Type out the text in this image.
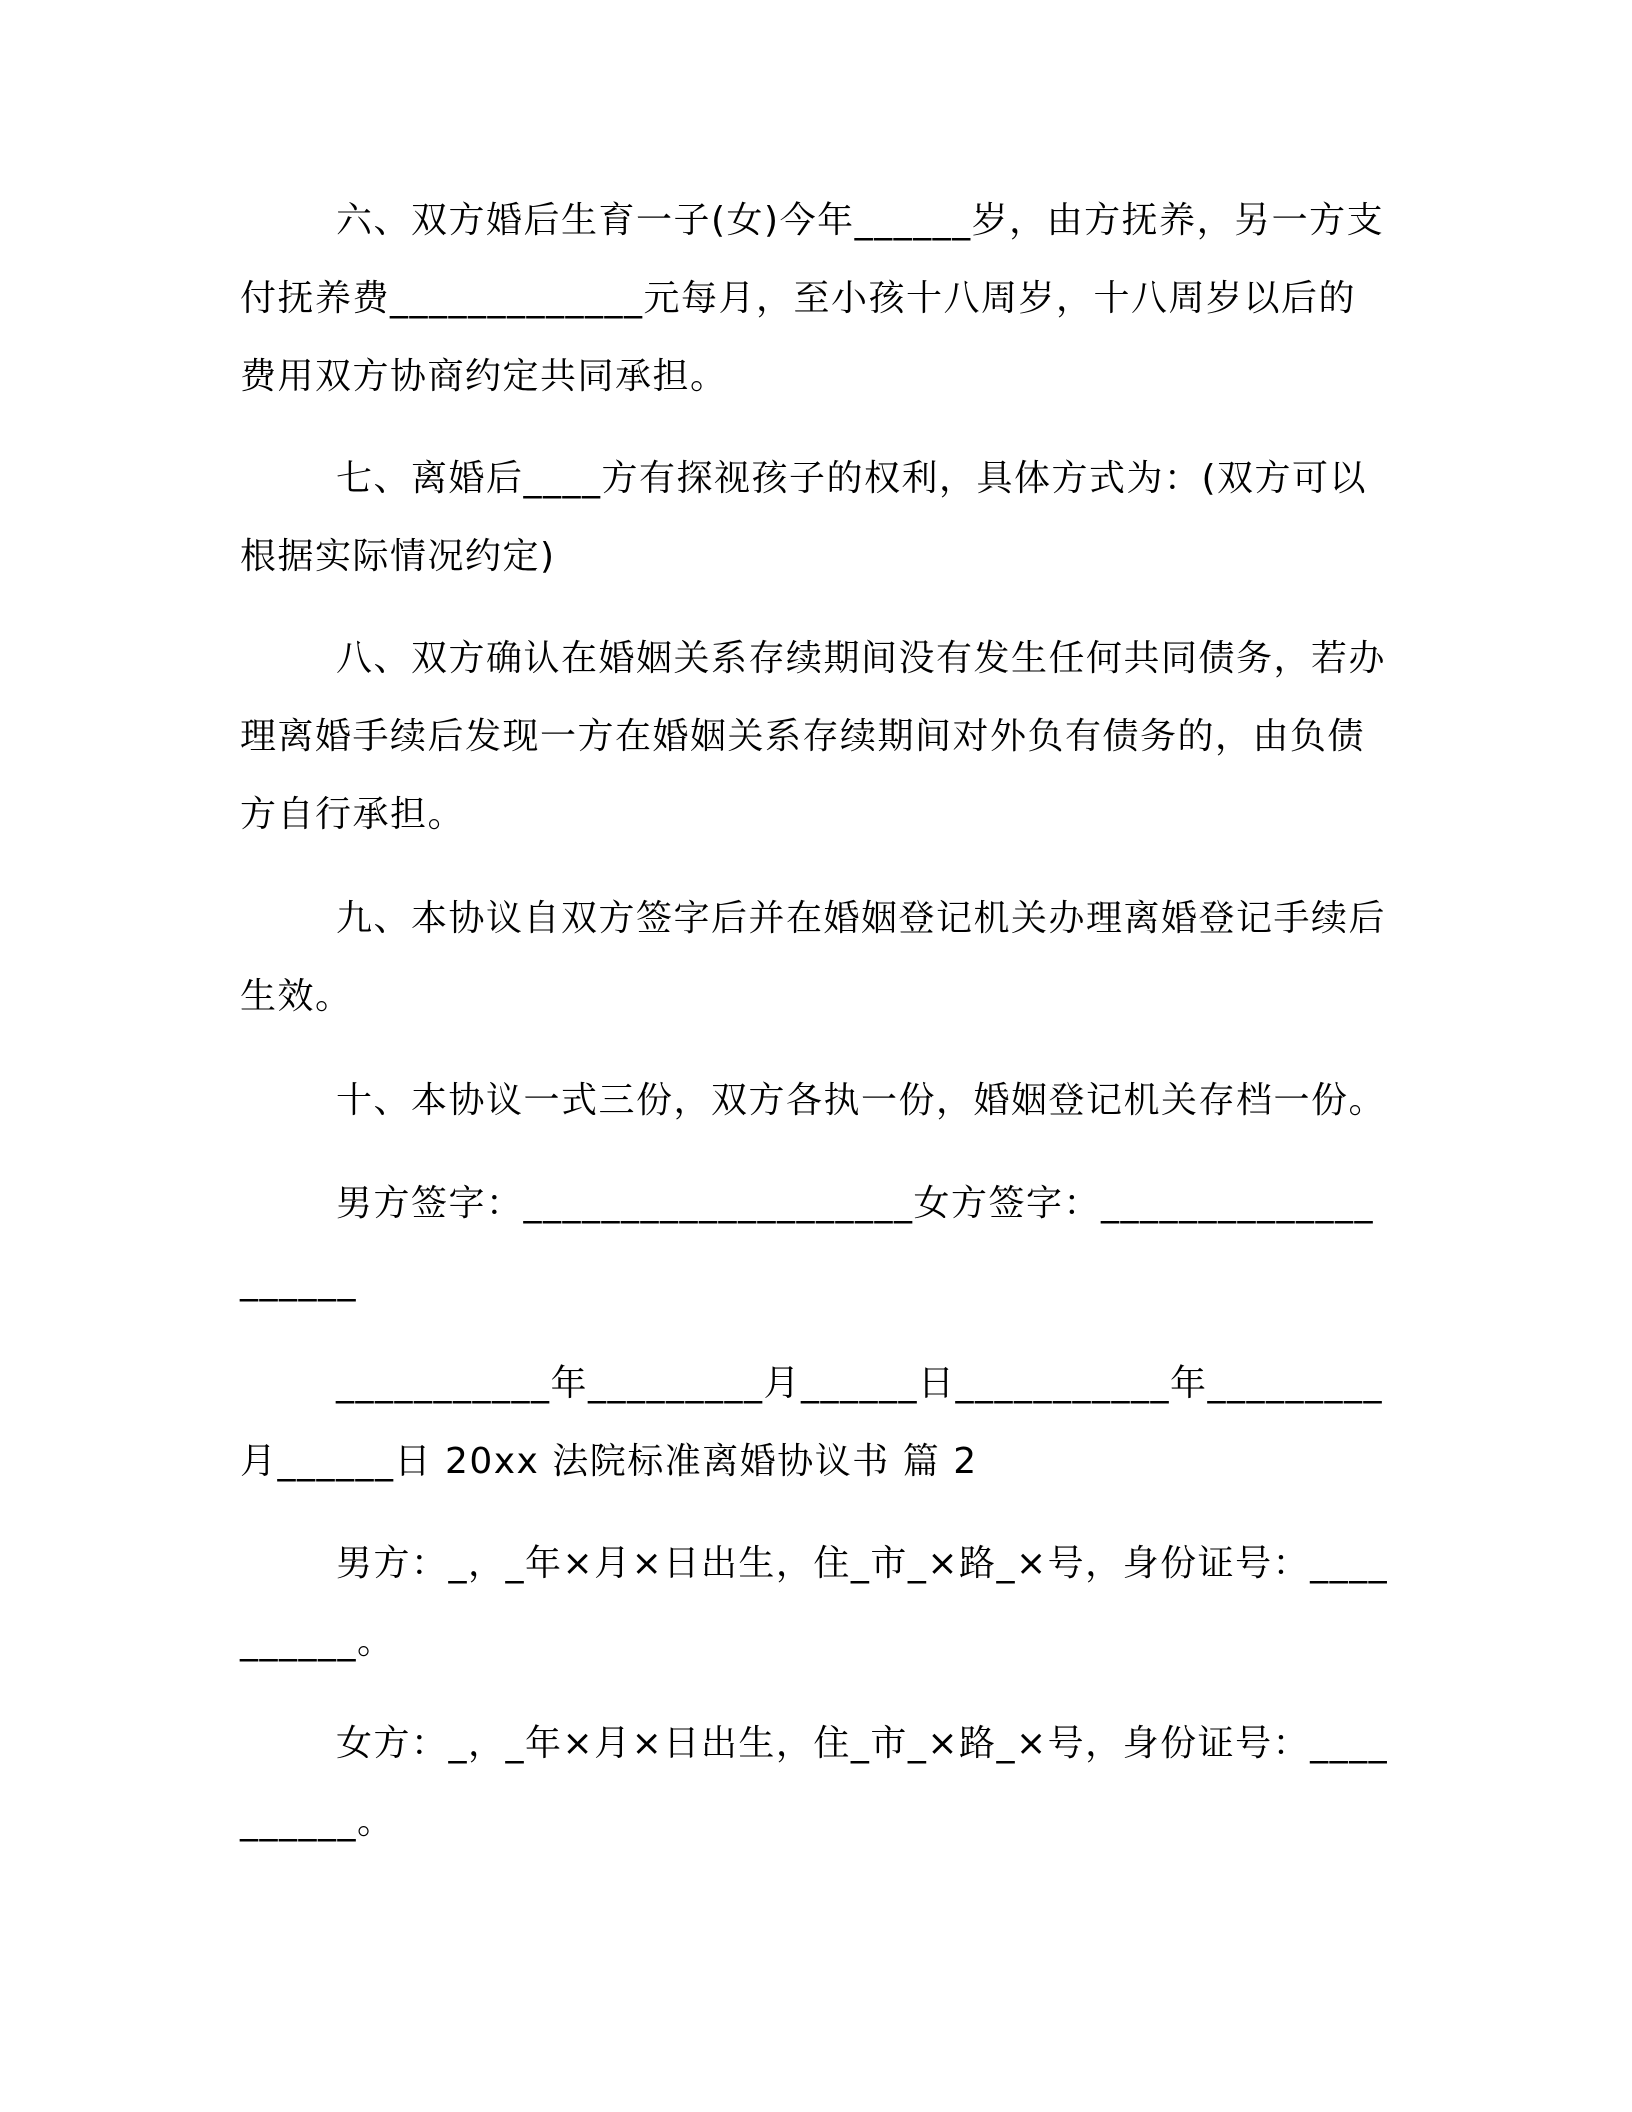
六、双方婚后生育一子(女)今年______岁，由方抚养，另一方支付抚养费_____________元每月，至小孩十八周岁，十八周岁以后的费用双方协商约定共同承担。

七、离婚后____方有探视孩子的权利，具体方式为：(双方可以根据实际情况约定)

八、双方确认在婚姻关系存续期间没有发生任何共同债务，若办理离婚手续后发现一方在婚姻关系存续期间对外负有债务的，由负债方自行承担。

九、本协议自双方签字后并在婚姻登记机关办理离婚登记手续后生效。

十、本协议一式三份，双方各执一份，婚姻登记机关存档一份。

男方签字：____________________女方签字：____________________

___________年_________月______日___________年_________月______日 20xx 法院标准离婚协议书 篇 2

男方：_，_年×月×日出生，住_市_×路_×号，身份证号：__________。

女方：_，_年×月×日出生，住_市_×路_×号，身份证号：__________。
